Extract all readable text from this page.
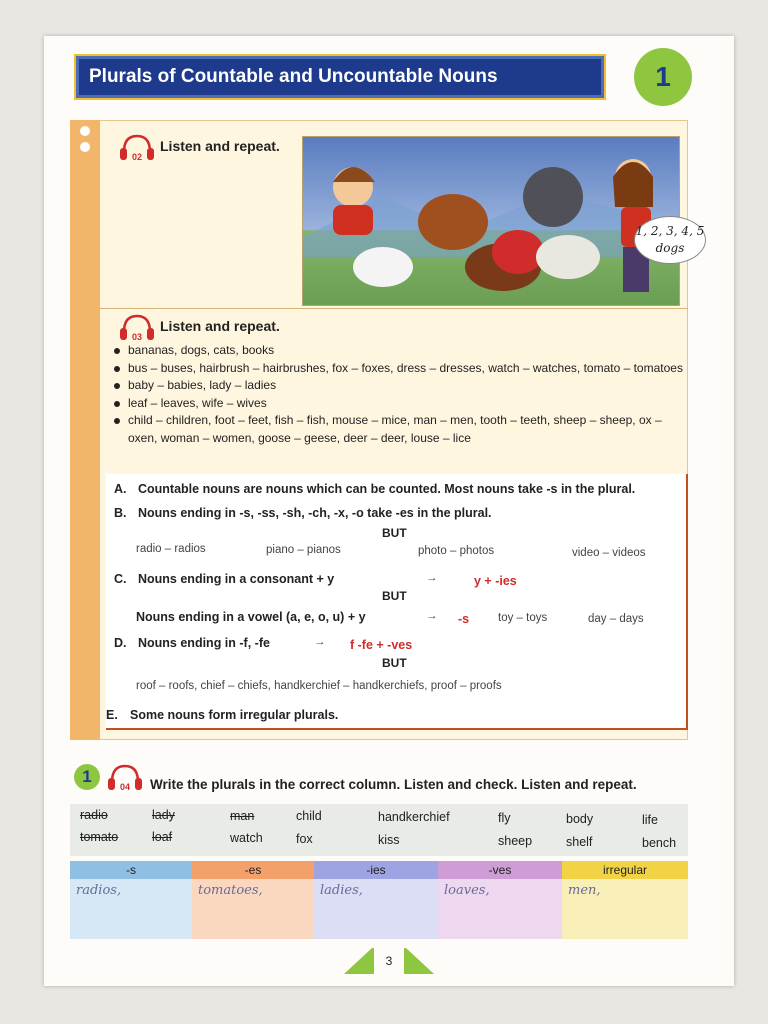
Plurals of Countable and Uncountable Nouns	1
02
Listen and repeat.
1, 2, 3, 4, 5 dogs
03
Listen and repeat.
bananas, dogs, cats, books
bus – buses, hairbrush – hairbrushes, fox – foxes, dress – dresses, watch – watches, tomato – tomatoes
baby – babies, lady – ladies
leaf – leaves, wife – wives
child – children, foot – feet, fish – fish, mouse – mice, man – men, tooth – teeth, sheep – sheep, ox – oxen, woman – women, goose – geese, deer – deer, louse – lice
A. Countable nouns are nouns which can be counted. Most nouns take -s in the plural.
B. Nouns ending in -s, -ss, -sh, -ch, -x, -o take -es in the plural.
BUT
radio – radios	piano – pianos	photo – photos	video – videos
C. Nouns ending in a consonant + y	→	y + -ies
BUT
Nouns ending in a vowel (a, e, o, u) + y	→ -s	toy – toys	day – days
D. Nouns ending in -f, -fe	→ f -fe + -ves
BUT
roof – roofs, chief – chiefs, handkerchief – handkerchiefs, proof – proofs
E. Some nouns form irregular plurals.
1
04 Write the plurals in the correct column. Listen and check. Listen and repeat.
radio	lady	man	child	handkerchief	fly	body	life
tomato	loaf	watch	fox	kiss	sheep	shelf	bench
-s	-es	-ies	-ves	irregular
radios,	tomatoes,	ladies,	loaves,	men,
3
